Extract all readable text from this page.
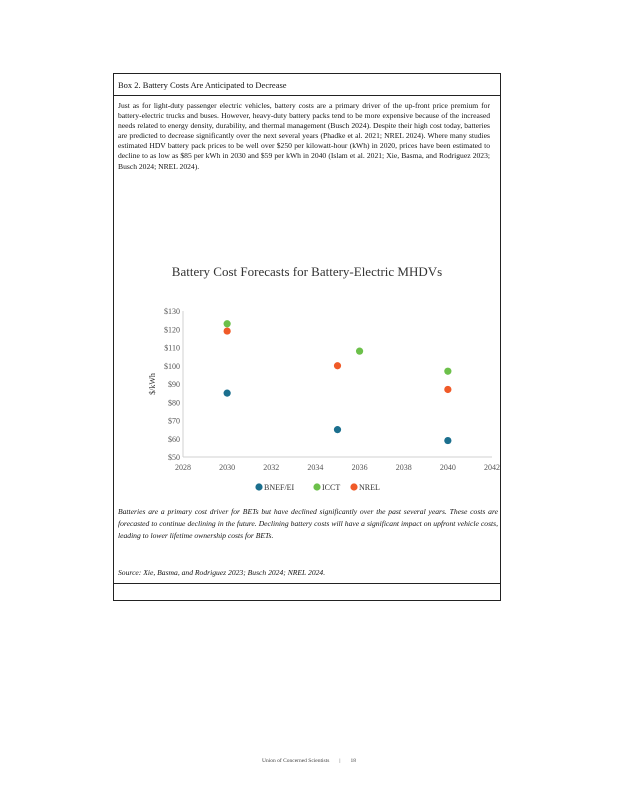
Box 2. Battery Costs Are Anticipated to Decrease
Just as for light-duty passenger electric vehicles, battery costs are a primary driver of the up-front price premium for battery-electric trucks and buses. However, heavy-duty battery packs tend to be more expensive because of the increased needs related to energy density, durability, and thermal management (Busch 2024). Despite their high cost today, batteries are predicted to decrease significantly over the next several years (Phadke et al. 2021; NREL 2024). Where many studies estimated HDV battery pack prices to be well over $250 per kilowatt-hour (kWh) in 2020, prices have been estimated to decline to as low as $85 per kWh in 2030 and $59 per kWh in 2040 (Islam et al. 2021; Xie, Basma, and Rodriguez 2023; Busch 2024; NREL 2024).
Battery Cost Forecasts for Battery-Electric MHDVs
$50
$60
$70
$80
$90
$100
$110
$120
$130
2028	2030	2032	2034	2036	2038	2040	2042
$/kWh
BNEF/EI	ICCT NREL
Batteries are a primary cost driver for BETs but have declined significantly over the past several years. These costs are forecasted to continue declining in the future. Declining battery costs will have a significant impact on upfront vehicle costs, leading to lower lifetime ownership costs for BETs.
Source: Xie, Basma, and Rodriguez 2023; Busch 2024; NREL 2024.
Union of Concerned Scientists | 18
